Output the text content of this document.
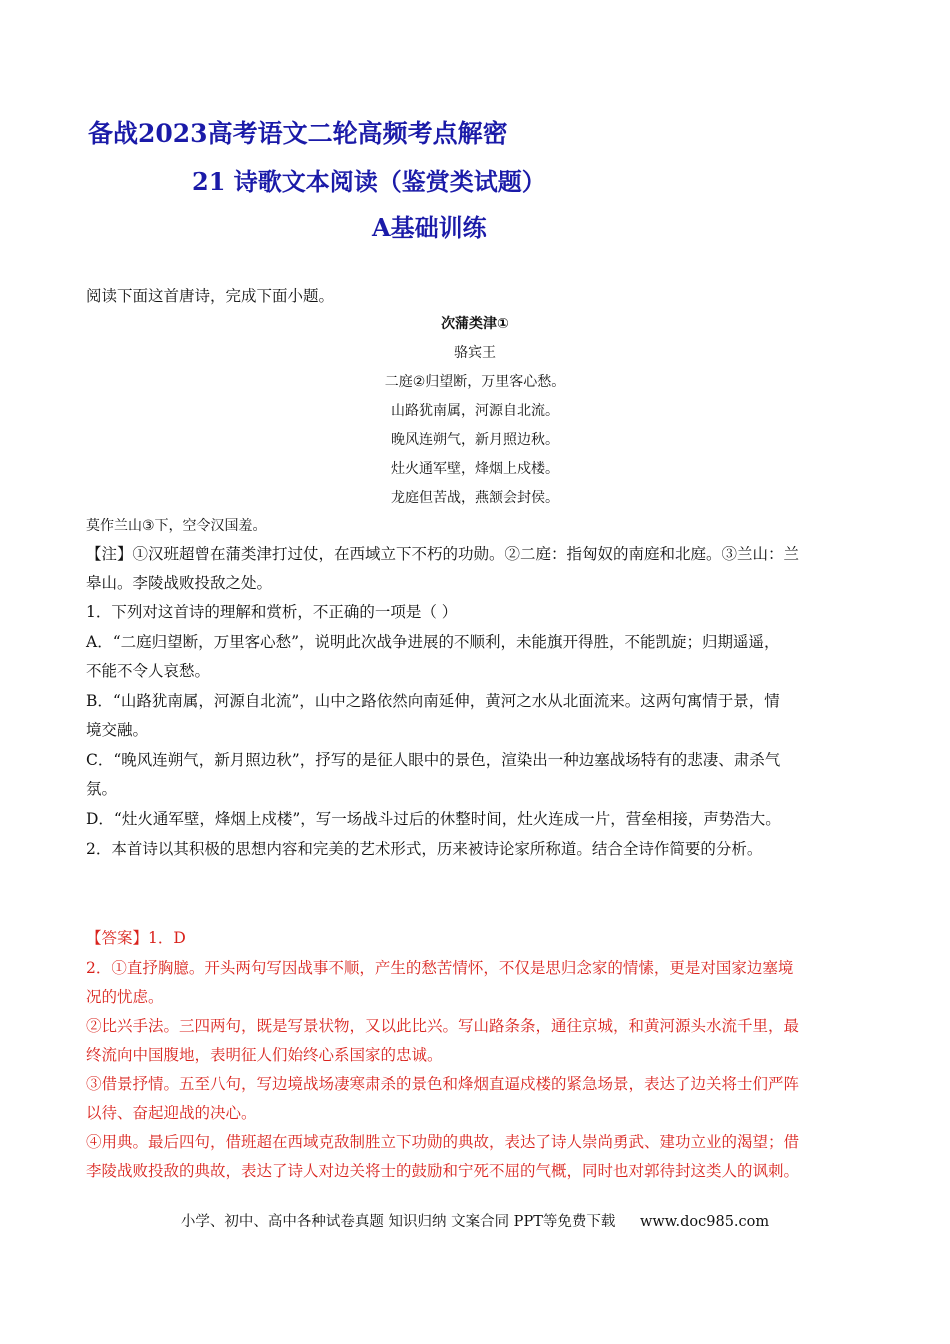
备战2023高考语文二轮高频考点解密
21 诗歌文本阅读（鉴赏类试题）
A基础训练
阅读下面这首唐诗，完成下面小题。
次蒲类津①
骆宾王
二庭②归望断，万里客心愁。
山路犹南属，河源自北流。
晚风连朔气，新月照边秋。
灶火通军壁，烽烟上戍楼。
龙庭但苦战，燕颔会封侯。
莫作兰山③下，空令汉国羞。
【注】①汉班超曾在蒲类津打过仗，在西域立下不朽的功勋。②二庭：指匈奴的南庭和北庭。③兰山：兰
皋山。李陵战败投敌之处。
1．下列对这首诗的理解和赏析，不正确的一项是（ ）
A．“二庭归望断，万里客心愁”，说明此次战争进展的不顺利，未能旗开得胜，不能凯旋；归期遥遥，
不能不令人哀愁。
B．“山路犹南属，河源自北流”，山中之路依然向南延伸，黄河之水从北面流来。这两句寓情于景，情
境交融。
C．“晚风连朔气，新月照边秋”，抒写的是征人眼中的景色，渲染出一种边塞战场特有的悲凄、肃杀气
氛。
D．“灶火通军壁，烽烟上戍楼”，写一场战斗过后的休整时间，灶火连成一片，营垒相接，声势浩大。
2．本首诗以其积极的思想内容和完美的艺术形式，历来被诗论家所称道。结合全诗作简要的分析。
【答案】1．D
2．①直抒胸臆。开头两句写因战事不顺，产生的愁苦情怀，不仅是思归念家的情愫，更是对国家边塞境
况的忧虑。
②比兴手法。三四两句，既是写景状物，又以此比兴。写山路条条，通往京城，和黄河源头水流千里，最
终流向中国腹地，表明征人们始终心系国家的忠诚。
③借景抒情。五至八句，写边境战场凄寒肃杀的景色和烽烟直逼戍楼的紧急场景，表达了边关将士们严阵
以待、奋起迎战的决心。
④用典。最后四句，借班超在西域克敌制胜立下功勋的典故，表达了诗人崇尚勇武、建功立业的渴望；借
李陵战败投敌的典故，表达了诗人对边关将士的鼓励和宁死不屈的气概，同时也对郭待封这类人的讽刺。
小学、初中、高中各种试卷真题 知识归纳 文案合同 PPT等免费下载 www.doc985.com
